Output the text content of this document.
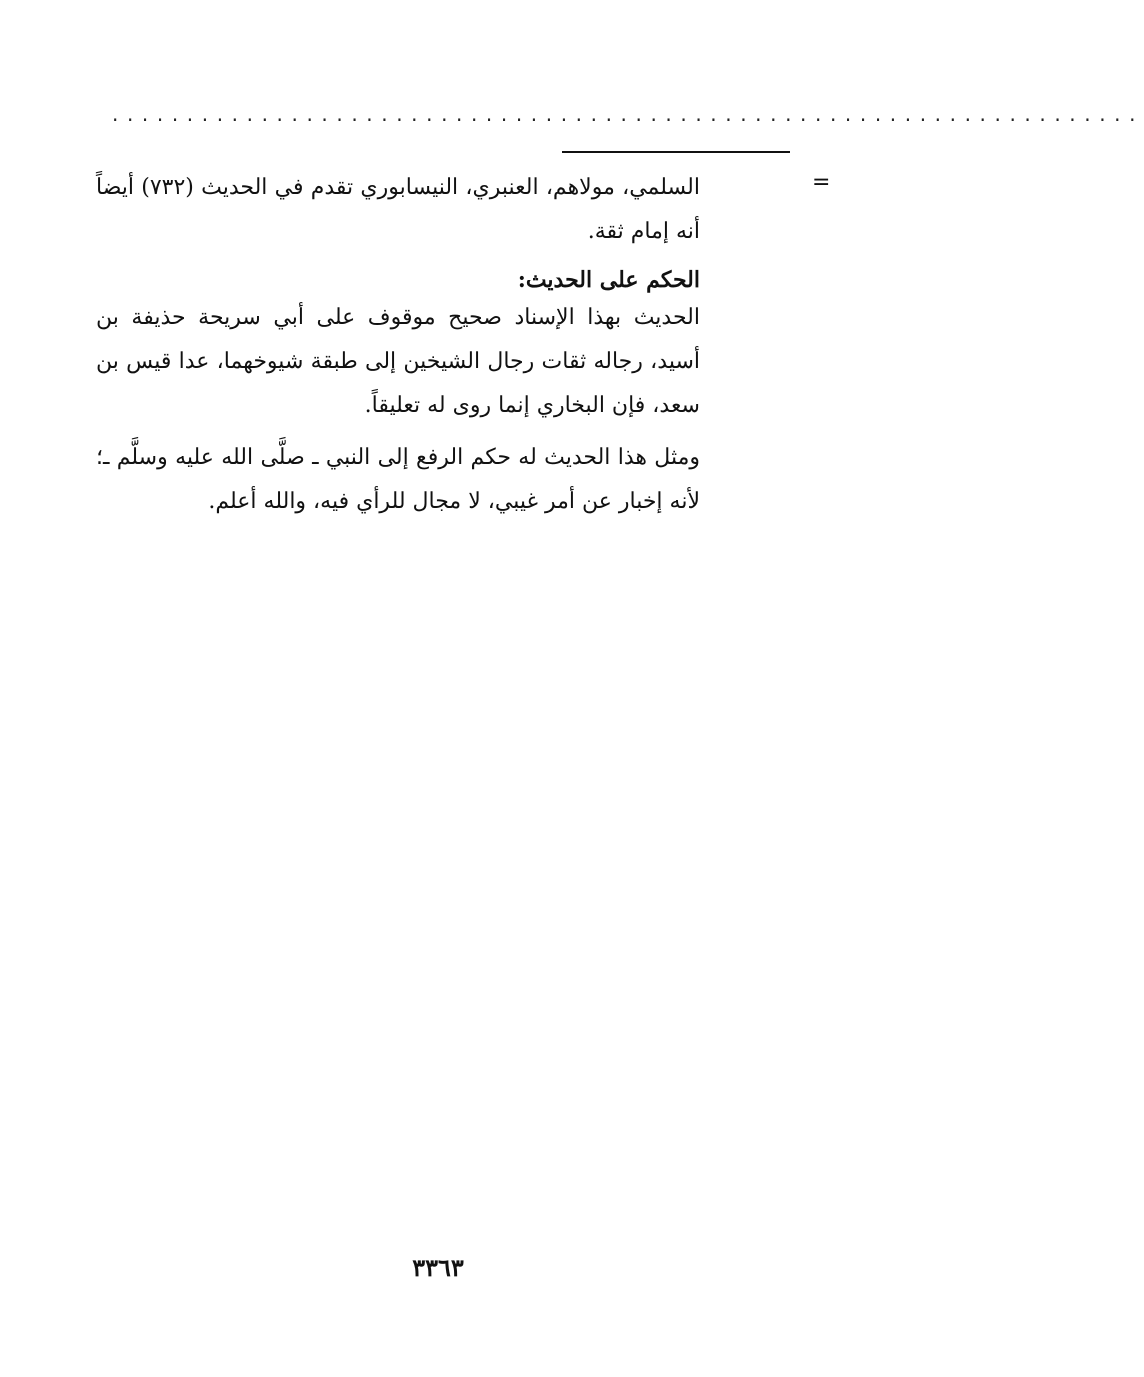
.....................................................................
=

السلمي، مولاهم، العنبري، النيسابوري تقدم في الحديث (٧٣٢) أيضاً أنه إمام ثقة.

الحكم على الحديث:

الحديث بهذا الإسناد صحيح موقوف على أبي سريحة حذيفة بن أسيد، رجاله ثقات رجال الشيخين إلى طبقة شيوخهما، عدا قيس بن سعد، فإن البخاري إنما روى له تعليقاً.

ومثل هذا الحديث له حكم الرفع إلى النبي ـ صلَّى الله عليه وسلَّم ـ؛ لأنه إخبار عن أمر غيبي، لا مجال للرأي فيه، والله أعلم.

٣٣٦٣
